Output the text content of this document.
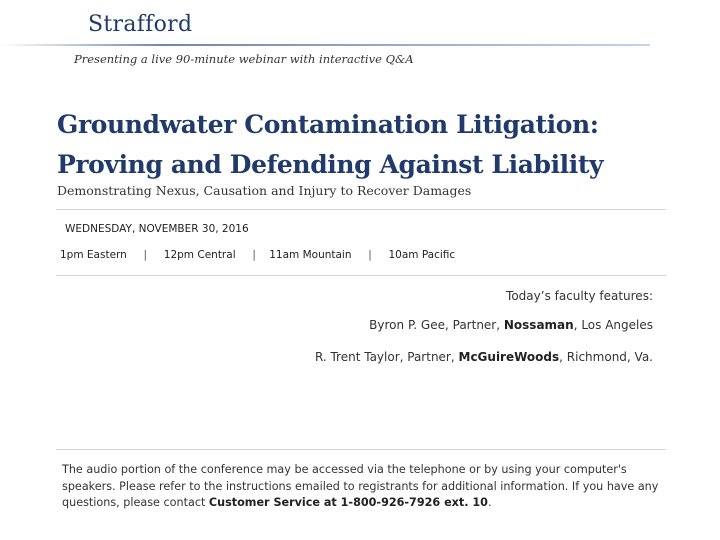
Strafford
Presenting a live 90-minute webinar with interactive Q&A
Groundwater Contamination Litigation:
Proving and Defending Against Liability
Demonstrating Nexus, Causation and Injury to Recover Damages
WEDNESDAY, NOVEMBER 30, 2016
1pm Eastern | 12pm Central | 11am Mountain | 10am Pacific
Today’s faculty features:
Byron P. Gee, Partner, Nossaman, Los Angeles
R. Trent Taylor, Partner, McGuireWoods, Richmond, Va.
The audio portion of the conference may be accessed via the telephone or by using your computer's speakers. Please refer to the instructions emailed to registrants for additional information. If you have any questions, please contact Customer Service at 1-800-926-7926 ext. 10.
